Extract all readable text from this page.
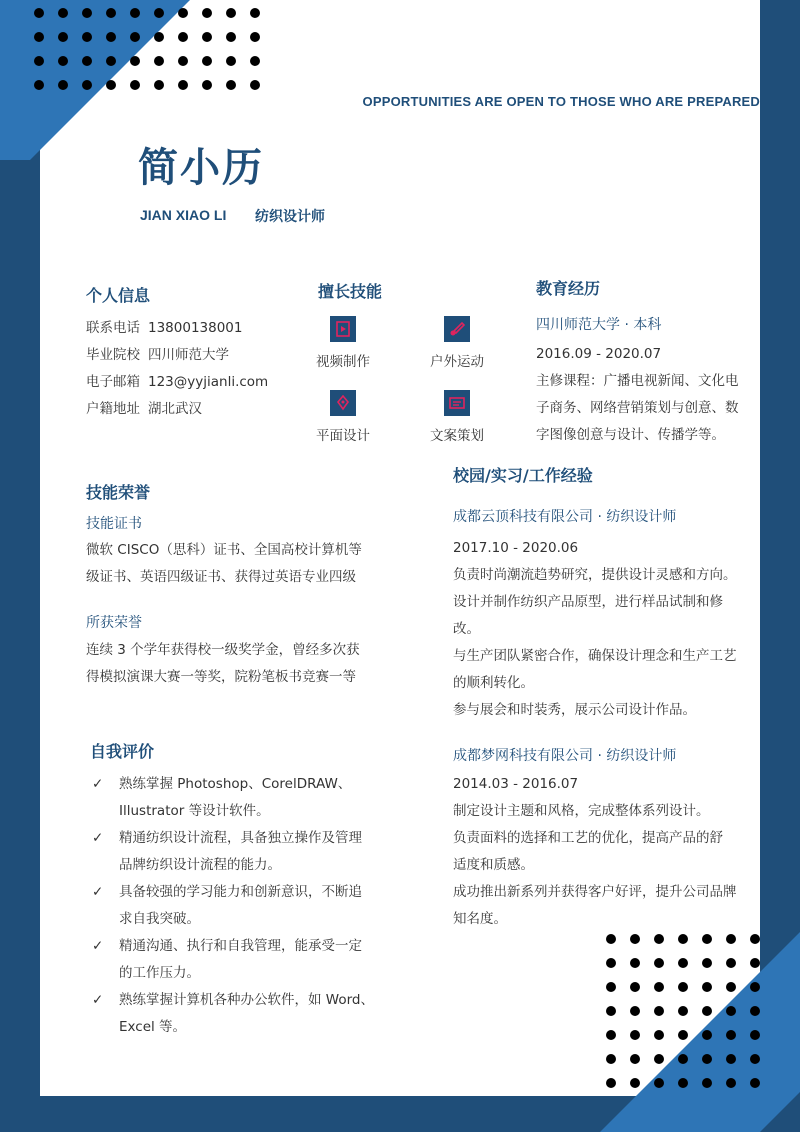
OPPORTUNITIES ARE OPEN TO THOSE WHO ARE PREPARED
简小历
JIAN XIAO LI 纺织设计师
个人信息
联系电话 13800138001
毕业院校 四川师范大学
电子邮箱 123@yyjianli.com
户籍地址 湖北武汉
擅长技能
视频制作	户外运动
平面设计	文案策划
教育经历
四川师范大学 · 本科

2016.09 - 2020.07

主修课程：广播电视新闻、文化电

子商务、网络营销策划与创意、数

字图像创意与设计、传播学等。

技能荣誉
技能证书

微软 CISCO（思科）证书、全国高校计算机等

级证书、英语四级证书、获得过英语专业四级

所获荣誉

连续 3 个学年获得校一级奖学金，曾经多次获

得模拟演课大赛一等奖，院粉笔板书竞赛一等

自我评价
✓ 熟练掌握 Photoshop、CorelDRAW、
Illustrator 等设计软件。
✓ 精通纺织设计流程，具备独立操作及管理
品牌纺织设计流程的能力。
✓ 具备较强的学习能力和创新意识，不断追
求自我突破。
✓ 精通沟通、执行和自我管理，能承受一定
的工作压力。
✓ 熟练掌握计算机各种办公软件，如 Word、
Excel 等。
校园/实习/工作经验
成都云顶科技有限公司 · 纺织设计师

2017.10 - 2020.06

负责时尚潮流趋势研究，提供设计灵感和方向。

设计并制作纺织产品原型，进行样品试制和修

改。

与生产团队紧密合作，确保设计理念和生产工艺

的顺利转化。

参与展会和时装秀，展示公司设计作品。

成都梦网科技有限公司 · 纺织设计师

2014.03 - 2016.07

制定设计主题和风格，完成整体系列设计。

负责面料的选择和工艺的优化，提高产品的舒

适度和质感。

成功推出新系列并获得客户好评，提升公司品牌

知名度。
